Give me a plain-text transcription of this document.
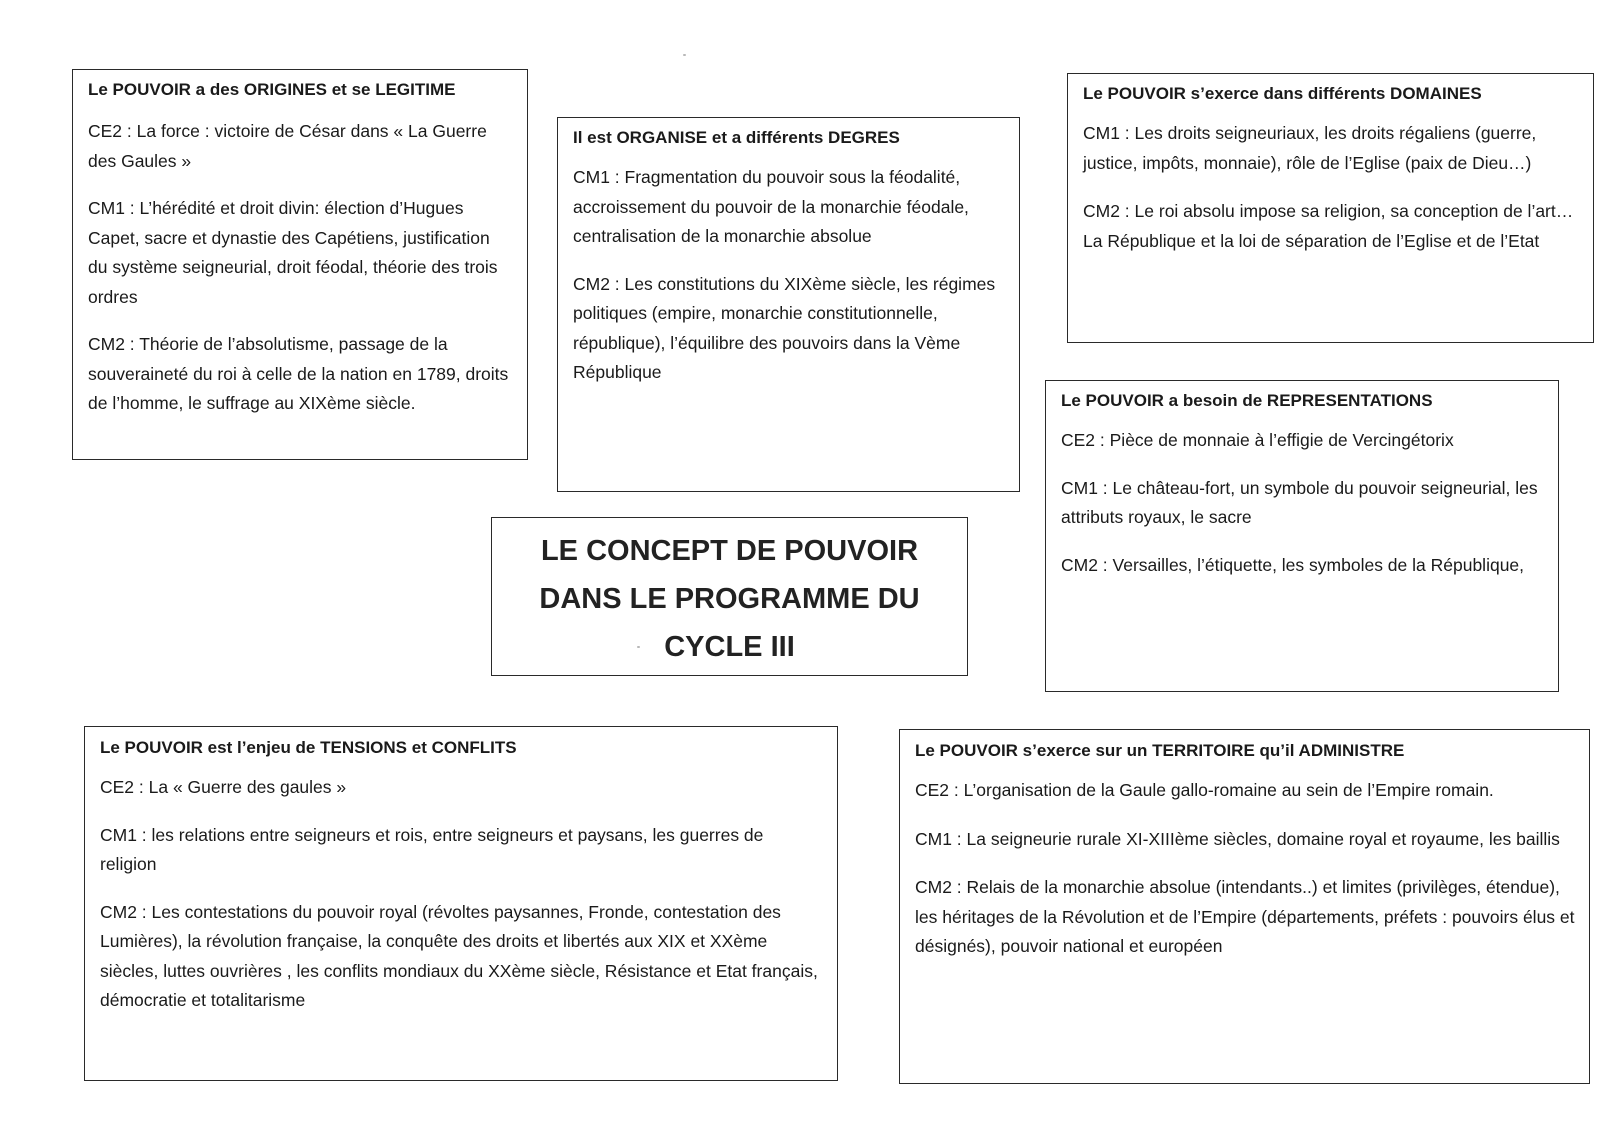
Le POUVOIR a des ORIGINES et se LEGITIME

CE2 : La force : victoire de César dans « La Guerre des Gaules »

CM1 : L’hérédité et droit divin: élection d’Hugues Capet, sacre et dynastie des Capétiens, justification du système seigneurial, droit féodal, théorie des trois ordres

CM2 : Théorie de l’absolutisme, passage de la souveraineté du roi à celle de la nation en 1789, droits de l’homme, le suffrage au XIXème siècle.

Il est ORGANISE et a différents DEGRES

CM1 : Fragmentation du pouvoir sous la féodalité, accroissement du pouvoir de la monarchie féodale, centralisation de la monarchie absolue

CM2 : Les constitutions du XIXème siècle, les régimes politiques (empire, monarchie constitutionnelle, république), l’équilibre des pouvoirs dans la Vème République

Le POUVOIR s’exerce dans différents DOMAINES

CM1 : Les droits seigneuriaux, les droits régaliens (guerre, justice, impôts, monnaie), rôle de l’Eglise (paix de Dieu…)

CM2 : Le roi absolu impose sa religion, sa conception de l’art…La République et la loi de séparation de l’Eglise et de l’Etat

Le POUVOIR a besoin de REPRESENTATIONS

CE2 : Pièce de monnaie à l’effigie de Vercingétorix

CM1 : Le château-fort, un symbole du pouvoir seigneurial, les attributs royaux, le sacre

CM2 : Versailles, l’étiquette, les symboles de la République,

LE CONCEPT DE POUVOIR DANS LE PROGRAMME DU CYCLE III
Le POUVOIR est l’enjeu de TENSIONS et CONFLITS

CE2 : La « Guerre des gaules »

CM1 : les relations entre seigneurs et rois, entre seigneurs et paysans, les guerres de religion

CM2 : Les contestations du pouvoir royal (révoltes paysannes, Fronde, contestation des Lumières), la révolution française, la conquête des droits et libertés aux XIX et XXème siècles, luttes ouvrières , les conflits mondiaux du XXème siècle, Résistance et Etat français, démocratie et totalitarisme

Le POUVOIR s’exerce sur un TERRITOIRE qu’il ADMINISTRE

CE2 : L’organisation de la Gaule gallo-romaine au sein de l’Empire romain.

CM1 : La seigneurie rurale XI-XIIIème siècles, domaine royal et royaume, les baillis

CM2 : Relais de la monarchie absolue (intendants..) et limites (privilèges, étendue), les héritages de la Révolution et de l’Empire (départements, préfets : pouvoirs élus et désignés), pouvoir national et européen
